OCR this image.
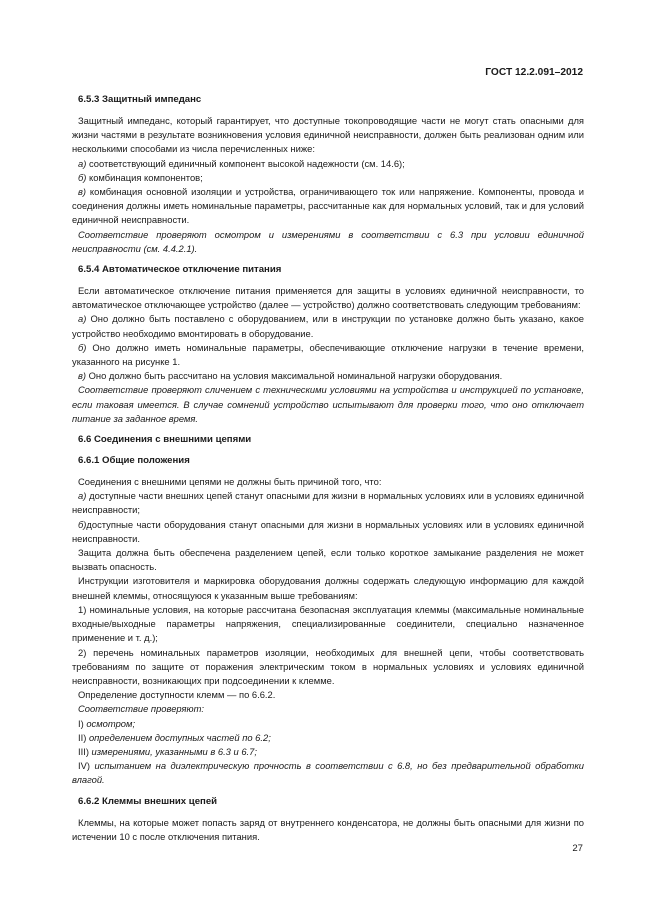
ГОСТ 12.2.091–2012
6.5.3 Защитный импеданс

Защитный импеданс, который гарантирует, что доступные токопроводящие части не могут стать опасными для жизни частями в результате возникновения условия единичной неисправности, должен быть реализован одним или несколькими способами из числа перечисленных ниже:

а) соответствующий единичный компонент высокой надежности (см. 14.6);

б) комбинация компонентов;

в) комбинация основной изоляции и устройства, ограничивающего ток или напряжение. Компоненты, провода и соединения должны иметь номинальные параметры, рассчитанные как для нормальных условий, так и для условий единичной неисправности.

Соответствие проверяют осмотром и измерениями в соответствии с 6.3 при условии единичной неисправности (см. 4.4.2.1).

6.5.4 Автоматическое отключение питания

Если автоматическое отключение питания применяется для защиты в условиях единичной неисправности, то автоматическое отключающее устройство (далее — устройство) должно соответствовать следующим требованиям:

а) Оно должно быть поставлено с оборудованием, или в инструкции по установке должно быть указано, какое устройство необходимо вмонтировать в оборудование.

б) Оно должно иметь номинальные параметры, обеспечивающие отключение нагрузки в течение времени, указанного на рисунке 1.

в) Оно должно быть рассчитано на условия максимальной номинальной нагрузки оборудования.

Соответствие проверяют сличением с техническими условиями на устройства и инструкцией по установке, если таковая имеется. В случае сомнений устройство испытывают для проверки того, что оно отключает питание за заданное время.

6.6 Соединения с внешними цепями
6.6.1 Общие положения

Соединения с внешними цепями не должны быть причиной того, что:

а) доступные части внешних цепей станут опасными для жизни в нормальных условиях или в условиях единичной неисправности;

б)доступные части оборудования станут опасными для жизни в нормальных условиях или в условиях единичной неисправности.

Защита должна быть обеспечена разделением цепей, если только короткое замыкание разделения не может вызвать опасность.

Инструкции изготовителя и маркировка оборудования должны содержать следующую информацию для каждой внешней клеммы, относящуюся к указанным выше требованиям:

1) номинальные условия, на которые рассчитана безопасная эксплуатация клеммы (максимальные номинальные входные/выходные параметры напряжения, специализированные соединители, специально назначенное применение и т. д.);

2) перечень номинальных параметров изоляции, необходимых для внешней цепи, чтобы соответствовать требованиям по защите от поражения электрическим током в нормальных условиях и условиях единичной неисправности, возникающих при подсоединении к клемме.

Определение доступности клемм — по 6.6.2.

Соответствие проверяют:

I) осмотром;

II) определением доступных частей по 6.2;

III) измерениями, указанными в 6.3 и 6.7;

IV) испытанием на диэлектрическую прочность в соответствии с 6.8, но без предварительной обработки влагой.

6.6.2 Клеммы внешних цепей

Клеммы, на которые может попасть заряд от внутреннего конденсатора, не должны быть опасными для жизни по истечении 10 с после отключения питания.

27
